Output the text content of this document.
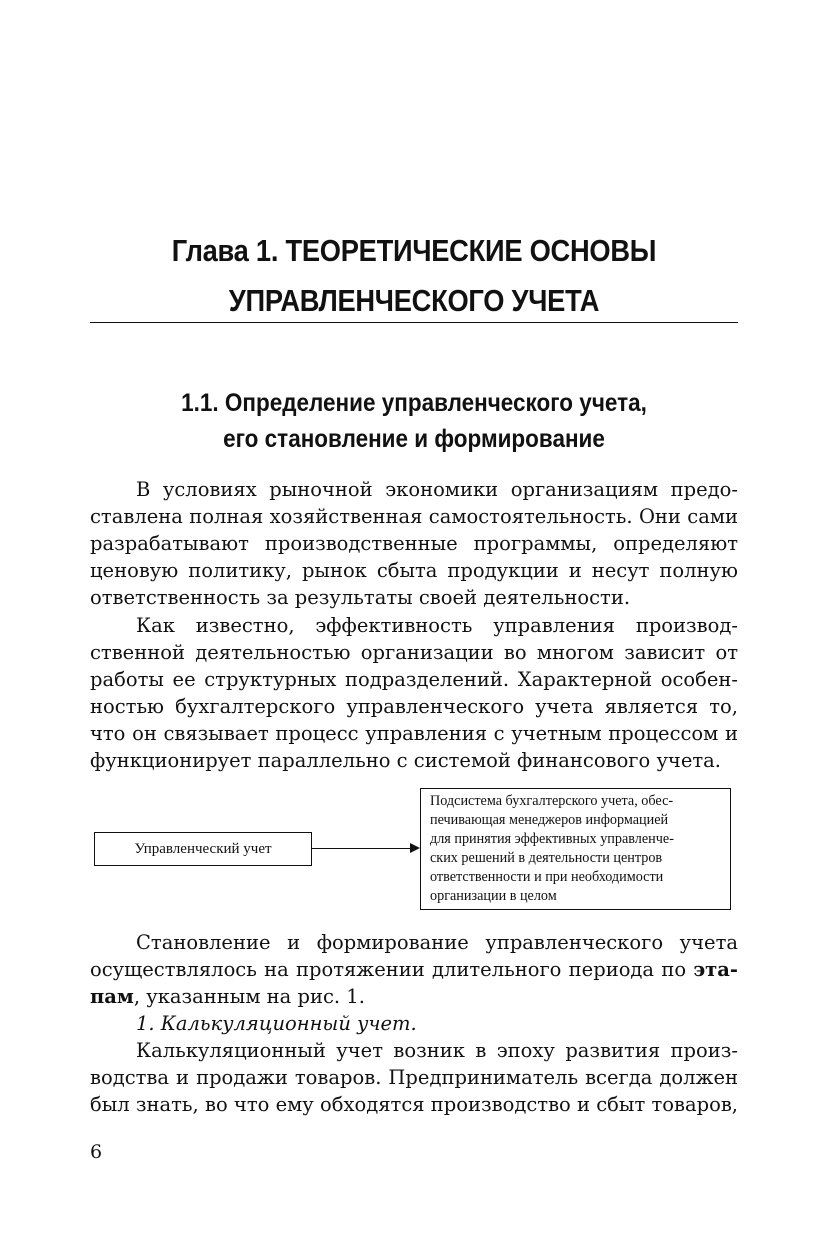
Глава 1. ТЕОРЕТИЧЕСКИЕ ОСНОВЫ
УПРАВЛЕНЧЕСКОГО УЧЕТА
1.1. Определение управленческого учета,
его становление и формирование
В условиях рыночной экономики организациям предо-
ставлена полная хозяйственная самостоятельность. Они сами
разрабатывают производственные программы, определяют
ценовую политику, рынок сбыта продукции и несут полную
ответственность за результаты своей деятельности.
Как известно, эффективность управления производ-
ственной деятельностью организации во многом зависит от
работы ее структурных подразделений. Характерной особен-
ностью бухгалтерского управленческого учета является то,
что он связывает процесс управления с учетным процессом и
функционирует параллельно с системой финансового учета.
Управленческий учет
Подсистема бухгалтерского учета, обес-
печивающая менеджеров информацией
для принятия эффективных управленче-
ских решений в деятельности центров
ответственности и при необходимости
организации в целом
Становление и формирование управленческого учета
осуществлялось на протяжении длительного периода по эта-
пам, указанным на рис. 1.
1. Калькуляционный учет.
Калькуляционный учет возник в эпоху развития произ-
водства и продажи товаров. Предприниматель всегда должен
был знать, во что ему обходятся производство и сбыт товаров,
6
